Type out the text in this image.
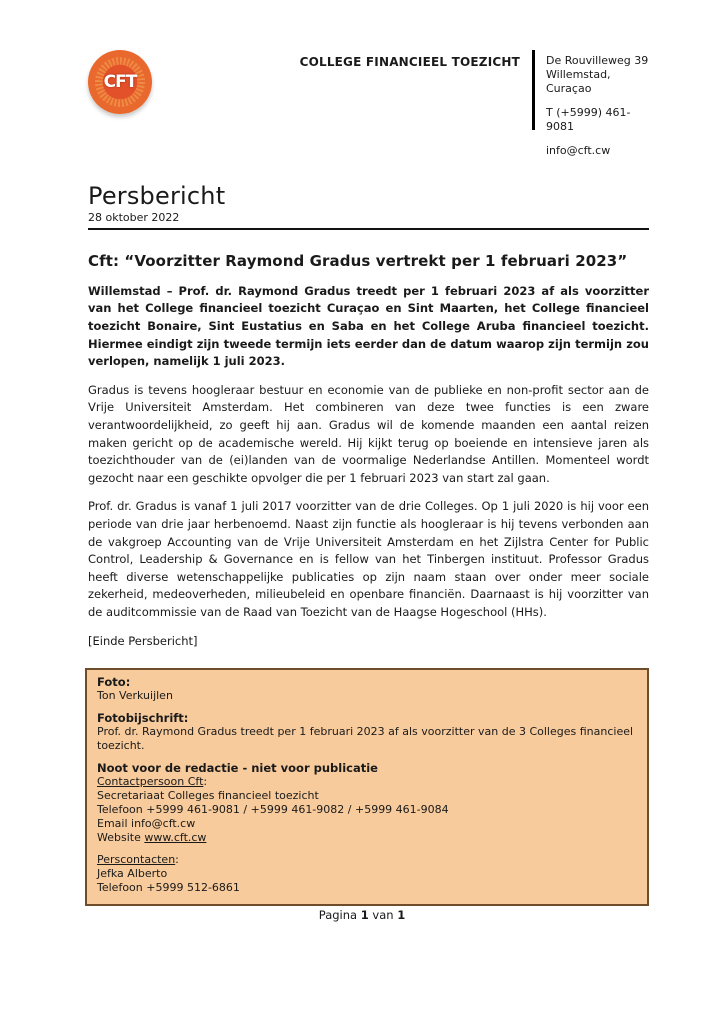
CFT
COLLEGE FINANCIEEL TOEZICHT De Rouvilleweg 39
Willemstad, Curaçao
T (+5999) 461-9081
info@cft.cw
Persbericht
28 oktober 2022
Cft: “Voorzitter Raymond Gradus vertrekt per 1 februari 2023”

Willemstad – Prof. dr. Raymond Gradus treedt per 1 februari 2023 af als voorzitter van het College financieel toezicht Curaçao en Sint Maarten, het College financieel toezicht Bonaire, Sint Eustatius en Saba en het College Aruba financieel toezicht. Hiermee eindigt zijn tweede termijn iets eerder dan de datum waarop zijn termijn zou verlopen, namelijk 1 juli 2023.

Gradus is tevens hoogleraar bestuur en economie van de publieke en non-profit sector aan de Vrije Universiteit Amsterdam. Het combineren van deze twee functies is een zware verantwoordelijkheid, zo geeft hij aan. Gradus wil de komende maanden een aantal reizen maken gericht op de academische wereld. Hij kijkt terug op boeiende en intensieve jaren als toezichthouder van de (ei)landen van de voormalige Nederlandse Antillen. Momenteel wordt gezocht naar een geschikte opvolger die per 1 februari 2023 van start zal gaan.

Prof. dr. Gradus is vanaf 1 juli 2017 voorzitter van de drie Colleges. Op 1 juli 2020 is hij voor een periode van drie jaar herbenoemd. Naast zijn functie als hoogleraar is hij tevens verbonden aan de vakgroep Accounting van de Vrije Universiteit Amsterdam en het Zijlstra Center for Public Control, Leadership & Governance en is fellow van het Tinbergen instituut. Professor Gradus heeft diverse wetenschappelijke publicaties op zijn naam staan over onder meer sociale zekerheid, medeoverheden, milieubeleid en openbare financiën. Daarnaast is hij voorzitter van de auditcommissie van de Raad van Toezicht van de Haagse Hogeschool (HHs).

[Einde Persbericht]

Foto:
Ton Verkuijlen
Fotobijschrift:
Prof. dr. Raymond Gradus treedt per 1 februari 2023 af als voorzitter van de 3 Colleges financieel toezicht.
Noot voor de redactie - niet voor publicatie
Contactpersoon Cft:
Secretariaat Colleges financieel toezicht
Telefoon +5999 461-9081 / +5999 461-9082 / +5999 461-9084
Email info@cft.cw
Website www.cft.cw
Perscontacten:
Jefka Alberto
Telefoon +5999 512-6861
Pagina 1 van 1
